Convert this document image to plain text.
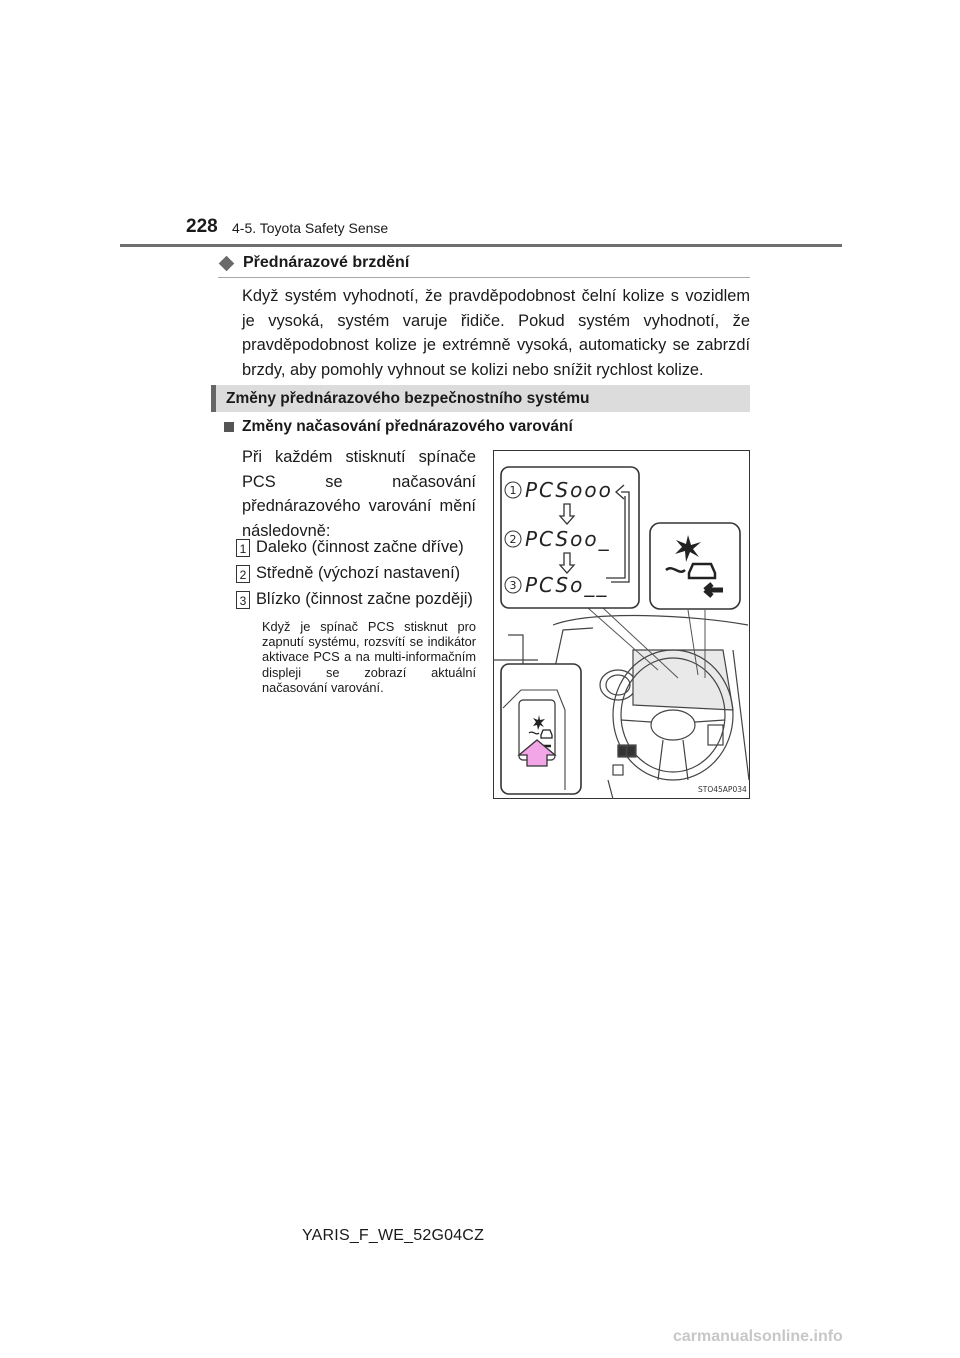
228 4-5. Toyota Safety Sense
Přednárazové brzdění
Když systém vyhodnotí, že pravděpodobnost čelní kolize s vozidlem je vysoká, systém varuje řidiče. Pokud systém vyhodnotí, že pravděpodobnost kolize je extrémně vysoká, automaticky se zabrzdí brzdy, aby pomohly vyhnout se kolizi nebo snížit rychlost kolize.
Změny přednárazového bezpečnostního systému
Změny načasování přednárazového varování
Při každém stisknutí spínače PCS se načasování přednárazového varování mění následovně:
1 Daleko (činnost začne dříve)
2 Středně (výchozí nastavení)
3 Blízko (činnost začne později)
Když je spínač PCS stisknut pro zapnutí systému, rozsvítí se indikátor aktivace PCS a na multi-informačním displeji se zobrazí aktuální načasování varování.
1 PCSooo
2 PCSoo_
3 PCSo__
STO45AP034
YARIS_F_WE_52G04CZ
carmanualsonline.info
